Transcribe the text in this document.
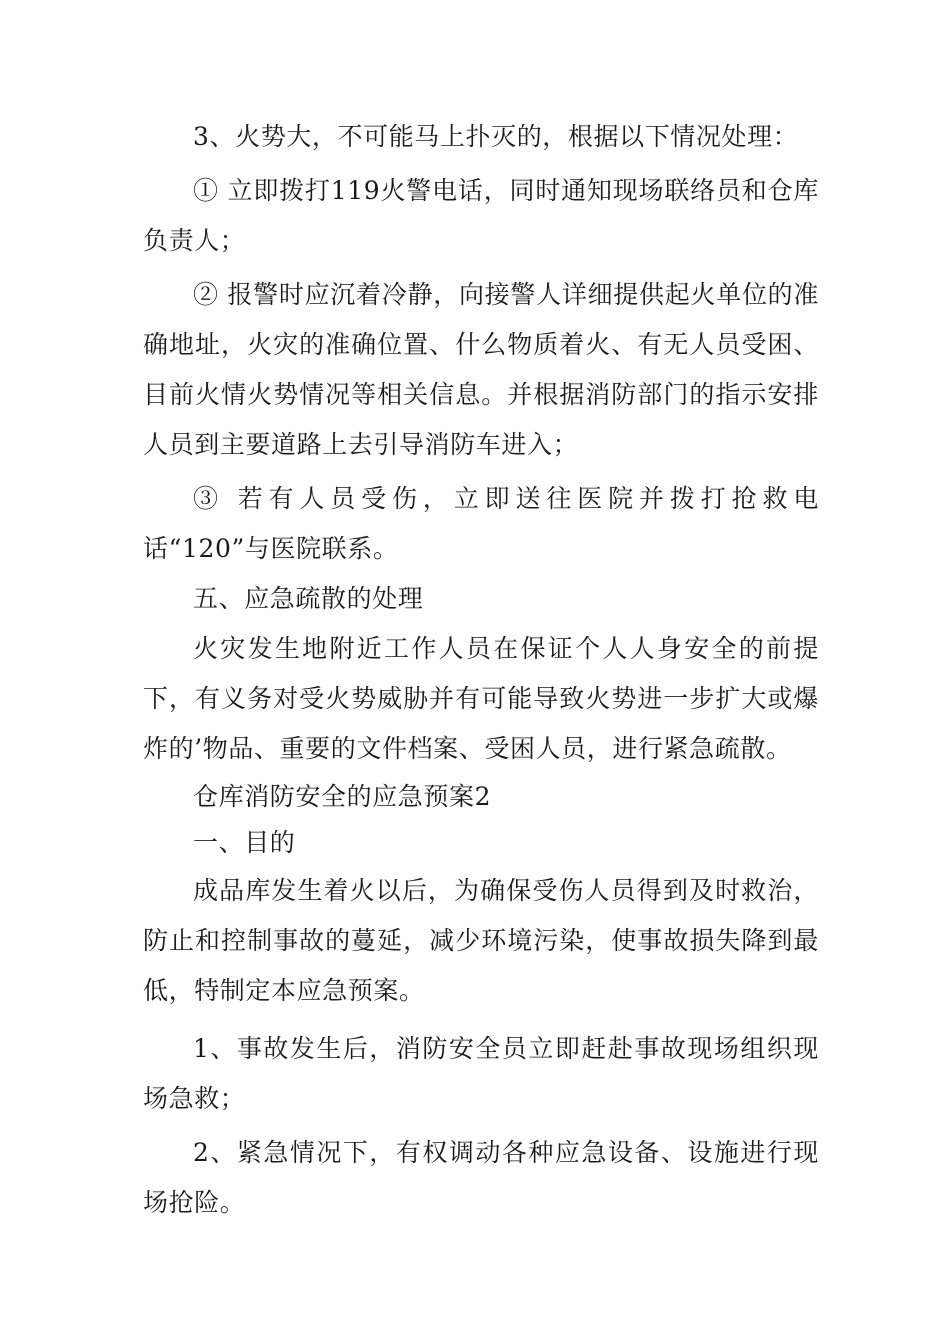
3、火势大，不可能马上扑灭的，根据以下情况处理：

① 立即拨打119火警电话，同时通知现场联络员和仓库负责人；

② 报警时应沉着冷静，向接警人详细提供起火单位的准确地址，火灾的准确位置、什么物质着火、有无人员受困、目前火情火势情况等相关信息。并根据消防部门的指示安排人员到主要道路上去引导消防车进入；

③ 若有人员受伤，立即送往医院并拨打抢救电话“120”与医院联系。

五、应急疏散的处理

火灾发生地附近工作人员在保证个人人身安全的前提下，有义务对受火势威胁并有可能导致火势进一步扩大或爆炸的’物品、重要的文件档案、受困人员，进行紧急疏散。

仓库消防安全的应急预案2

一、目的

成品库发生着火以后，为确保受伤人员得到及时救治，防止和控制事故的蔓延，减少环境污染，使事故损失降到最低，特制定本应急预案。

1、事故发生后，消防安全员立即赶赴事故现场组织现场急救；

2、紧急情况下，有权调动各种应急设备、设施进行现场抢险。
